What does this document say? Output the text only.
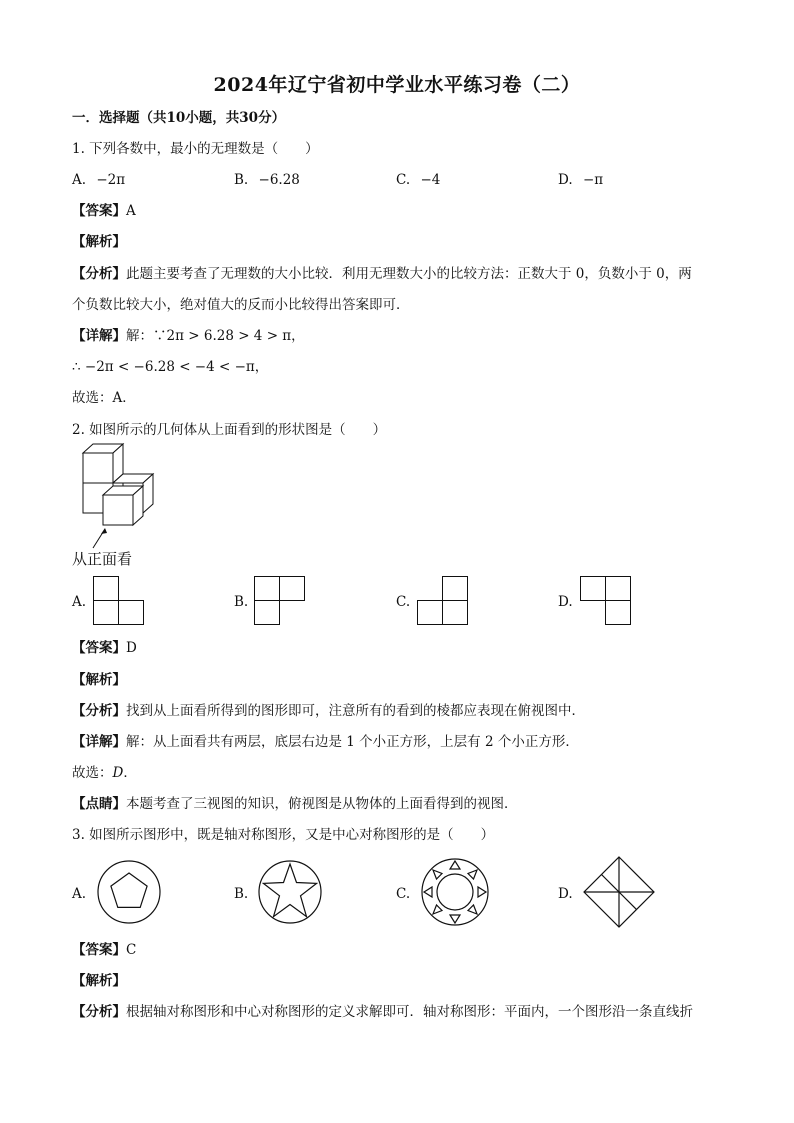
2024年辽宁省初中学业水平练习卷（二）
一．选择题（共10小题，共30分）
1. 下列各数中，最小的无理数是（　　）
A. −2π	B. −6.28	C. −4	D. −π
【答案】A
【解析】
【分析】此题主要考查了无理数的大小比较．利用无理数大小的比较方法：正数大于 0，负数小于 0，两
个负数比较大小，绝对值大的反而小比较得出答案即可．
【详解】解：∵2π > 6.28 > 4 > π，
∴ −2π < −6.28 < −4 < −π，
故选：A．
2. 如图所示的几何体从上面看到的形状图是（　　）
从正面看
A.	B.	C.	D.
【答案】D
【解析】
【分析】找到从上面看所得到的图形即可，注意所有的看到的棱都应表现在俯视图中．
【详解】解：从上面看共有两层，底层右边是 1 个小正方形，上层有 2 个小正方形．
故选：D．
【点睛】本题考查了三视图的知识，俯视图是从物体的上面看得到的视图．
3. 如图所示图形中，既是轴对称图形，又是中心对称图形的是（　　）
A.	B.	C.	D.
【答案】C
【解析】
【分析】根据轴对称图形和中心对称图形的定义求解即可．轴对称图形：平面内，一个图形沿一条直线折
